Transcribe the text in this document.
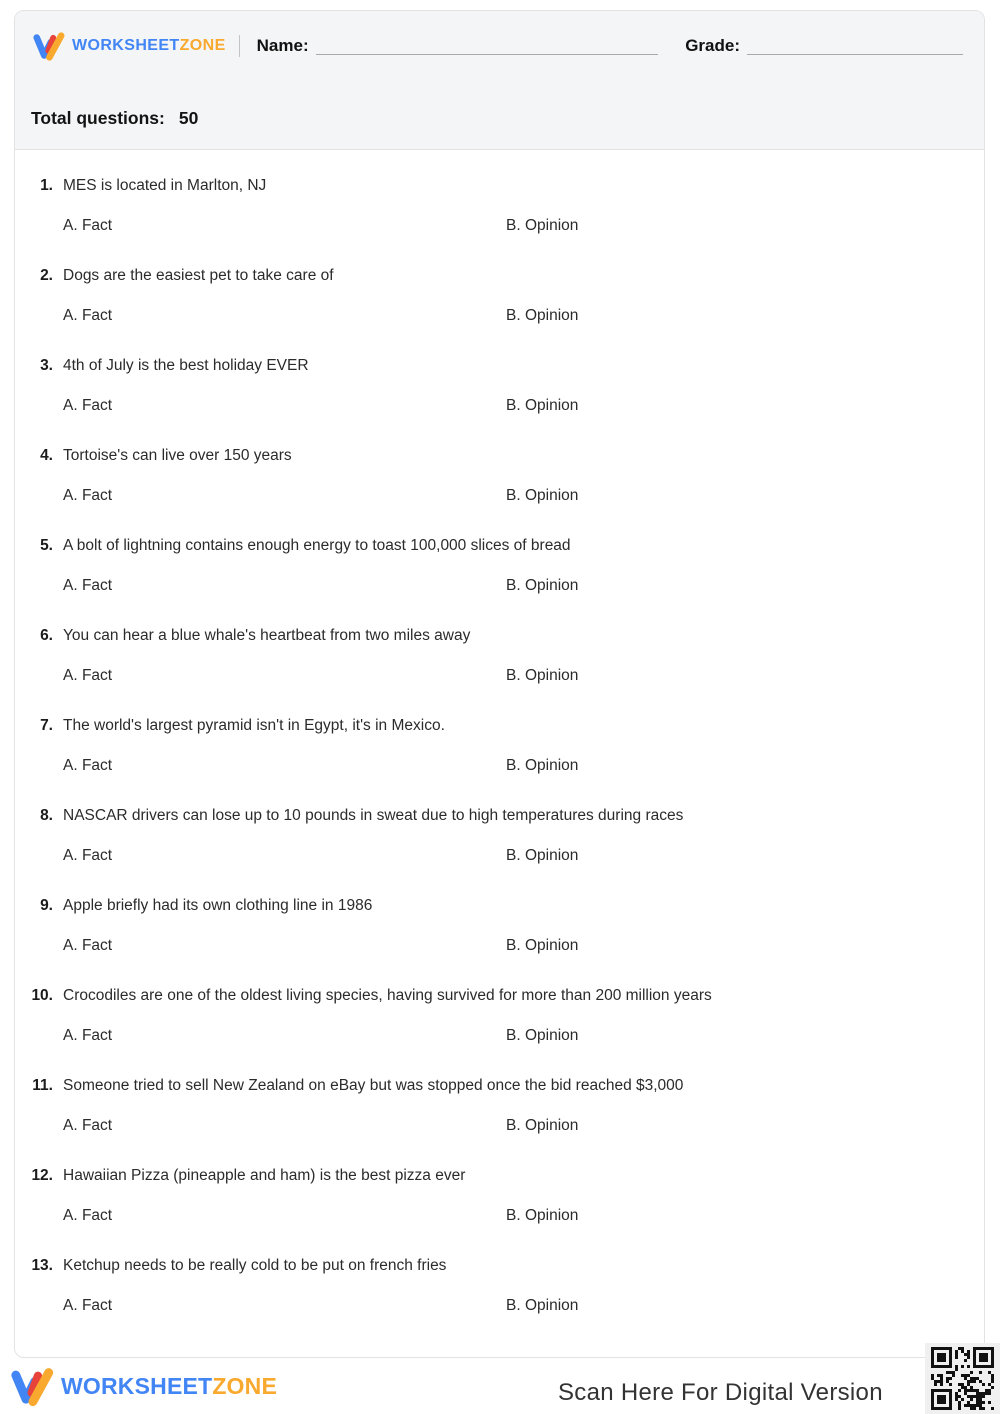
WORKSHEETZONE Name:	Grade:
Total questions: 50
1. MES is located in Marlton, NJ
A. Fact	B. Opinion
2. Dogs are the easiest pet to take care of
A. Fact	B. Opinion
3. 4th of July is the best holiday EVER
A. Fact	B. Opinion
4. Tortoise's can live over 150 years
A. Fact	B. Opinion
5. A bolt of lightning contains enough energy to toast 100,000 slices of bread
A. Fact	B. Opinion
6. You can hear a blue whale's heartbeat from two miles away
A. Fact	B. Opinion
7. The world's largest pyramid isn't in Egypt, it's in Mexico.
A. Fact	B. Opinion
8. NASCAR drivers can lose up to 10 pounds in sweat due to high temperatures during races
A. Fact	B. Opinion
9. Apple briefly had its own clothing line in 1986
A. Fact	B. Opinion
10. Crocodiles are one of the oldest living species, having survived for more than 200 million years
A. Fact	B. Opinion
11. Someone tried to sell New Zealand on eBay but was stopped once the bid reached $3,000
A. Fact	B. Opinion
12. Hawaiian Pizza (pineapple and ham) is the best pizza ever
A. Fact	B. Opinion
13. Ketchup needs to be really cold to be put on french fries
A. Fact	B. Opinion
WORKSHEETZONE	Scan Here For Digital Version
